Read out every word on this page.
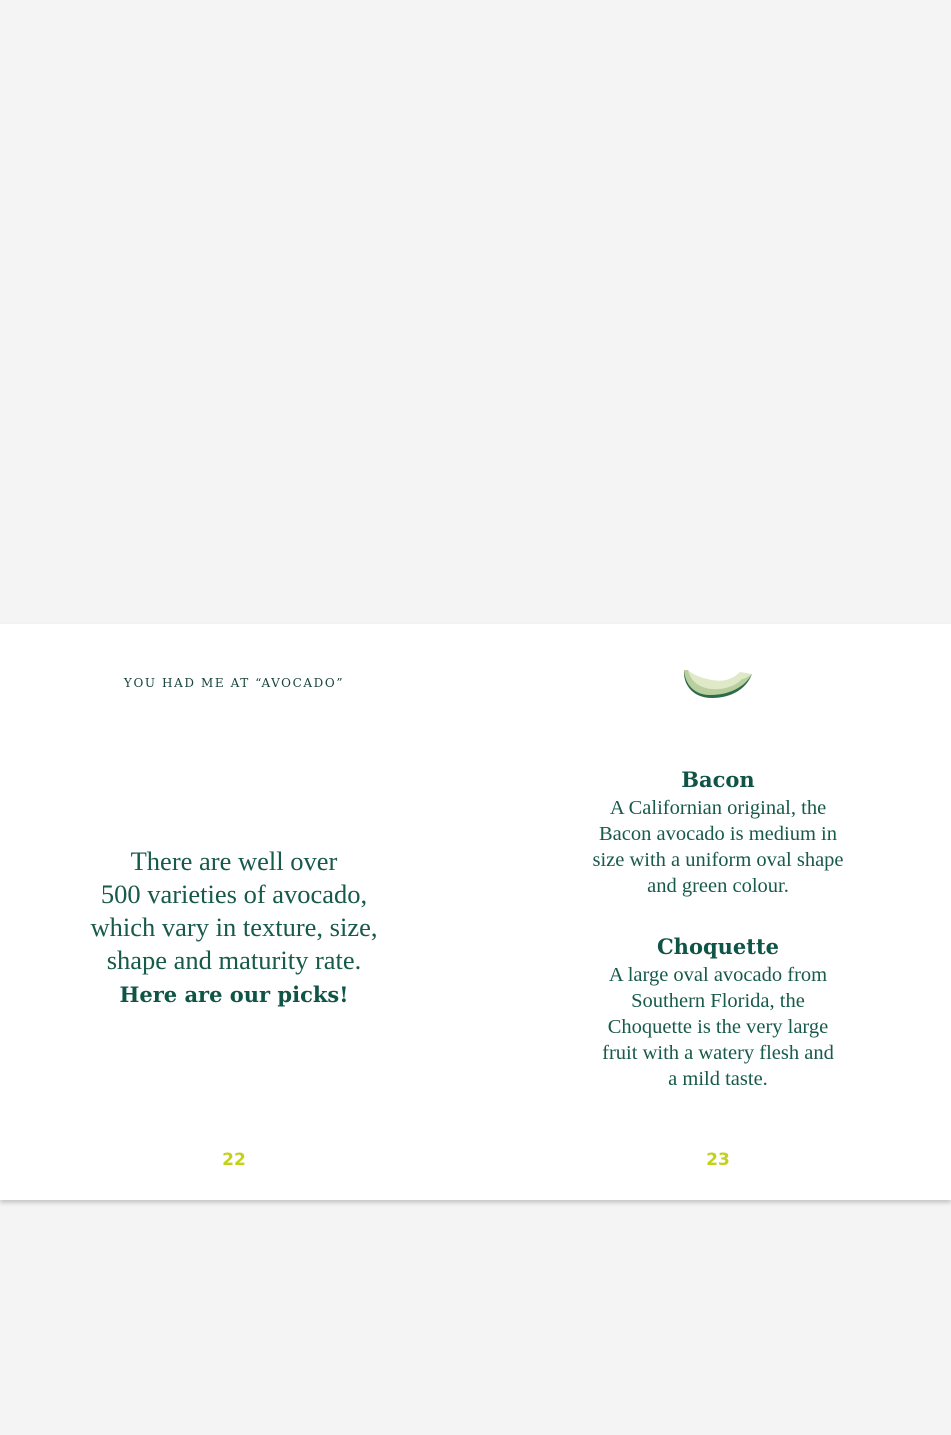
YOU HAD ME AT “AVOCADO”
There are well over
500 varieties of avocado,
which vary in texture, size,
shape and maturity rate.
Here are our picks!
22
Bacon
A Californian original, the
Bacon avocado is medium in
size with a uniform oval shape
and green colour.
Choquette
A large oval avocado from
Southern Florida, the
Choquette is the very large
fruit with a watery flesh and
a mild taste.
23
